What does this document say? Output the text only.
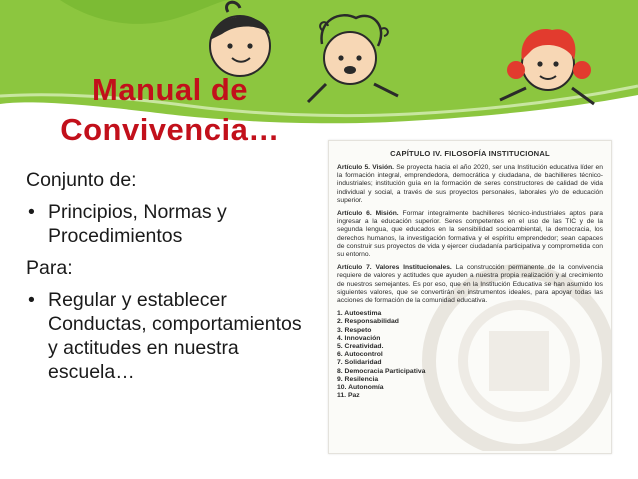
Manual de
Convivencia…

Conjunto de:

• Principios, Normas y Procedimientos

Para:

• Regular y establecer Conductas, comportamientos y actitudes en nuestra escuela…

CAPÍTULO IV. FILOSOFÍA INSTITUCIONAL

Artículo 5. Visión. Se proyecta hacia el año 2020, ser una Institución educativa líder en la formación integral, emprendedora, democrática y ciudadana, de bachilleres técnico-industriales; institución guía en la formación de seres constructores de calidad de vida individual y social, a través de sus proyectos personales, laborales y/o de educación superior.

Artículo 6. Misión. Formar integralmente bachilleres técnico-industriales aptos para ingresar a la educación superior. Seres competentes en el uso de las TIC y de la segunda lengua, que educados en la sensibilidad socioambiental, la democracia, los derechos humanos, la investigación formativa y el espíritu emprendedor; sean capaces de construir sus proyectos de vida y ejercer ciudadanía participativa y comprometida con su entorno.

Artículo 7. Valores Institucionales. La construcción permanente de la convivencia requiere de valores y actitudes que ayuden a nuestra propia realización y al crecimiento de nuestros semejantes. Es por eso, que en la Institución Educativa se han asumido los siguientes valores, que se convertirán en instrumentos ideales, para apoyar todas las acciones de formación de la comunidad educativa.

1. Autoestima
2. Responsabilidad
3. Respeto
4. Innovación
5. Creatividad.
6. Autocontrol
7. Solidaridad
8. Democracia Participativa
9. Resilencia
10. Autonomía
11. Paz
